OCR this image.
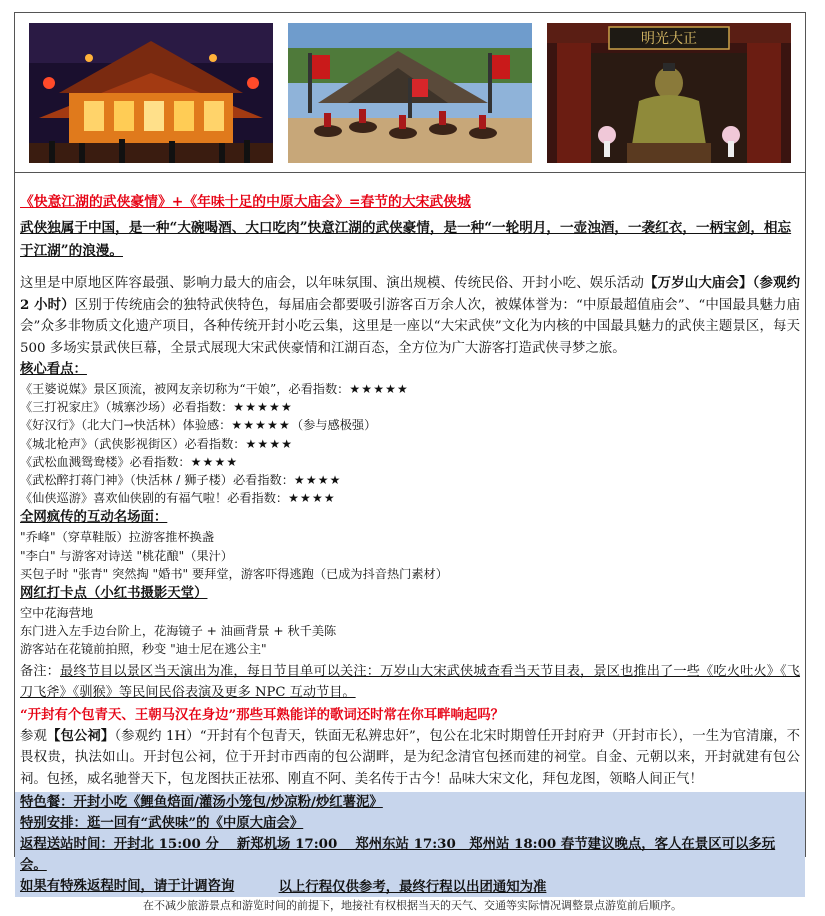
明光大正
《快意江湖的武侠豪情》+《年味十足的中原大庙会》=春节的大宋武侠城
武侠独属于中国，是一种“大碗喝酒、大口吃肉”快意江湖的武侠豪情，是一种“一轮明月，一壶浊酒，一袭红衣，一柄宝剑，相忘于江湖”的浪漫。
这里是中原地区阵容最强、影响力最大的庙会，以年味氛围、演出规模、传统民俗、开封小吃、娱乐活动【万岁山大庙会】（参观约 2 小时）区别于传统庙会的独特武侠特色，每届庙会都要吸引游客百万余人次，被媒体誉为：“中原最超值庙会”、“中国最具魅力庙会”众多非物质文化遗产项目，各种传统开封小吃云集，这里是一座以“大宋武侠”文化为内核的中国最具魅力的武侠主题景区，每天 500 多场实景武侠巨幕，全景式展现大宋武侠豪情和江湖百态，全方位为广大游客打造武侠寻梦之旅。
核心看点：
《王婆说媒》景区顶流，被网友亲切称为“干娘”，必看指数：★★★★★
《三打祝家庄》（城寨沙场）必看指数：★★★★★
《好汉行》（北大门→快活林）体验感：★★★★★（参与感极强）
《城北枪声》（武侠影视街区）必看指数：★★★★
《武松血溅鸳鸯楼》必看指数：★★★★
《武松醉打蒋门神》（快活林 / 狮子楼）必看指数：★★★★
《仙侠巡游》喜欢仙侠剧的有福气啦！必看指数：★★★★
全网疯传的互动名场面：
"乔峰"（穿草鞋版）拉游客推杯换盏
"李白" 与游客对诗送 "桃花酿"（果汁）
买包子时 "张青" 突然掏 "婚书" 要拜堂，游客吓得逃跑（已成为抖音热门素材）
网红打卡点（小红书摄影天堂）
空中花海营地
东门进入左手边台阶上，花海镜子 + 油画背景 + 秋千美陈
游客站在花镜前拍照，秒变 "迪士尼在逃公主"
备注：最终节目以景区当天演出为准，每日节目单可以关注：万岁山大宋武侠城查看当天节目表，景区也推出了一些《吃火吐火》《飞刀飞斧》《驯猴》等民间民俗表演及更多 NPC 互动节目。
“开封有个包青天、王朝马汉在身边”那些耳熟能详的歌词还时常在你耳畔响起吗？
参观【包公祠】（参观约 1H）“开封有个包青天，铁面无私辨忠奸”，包公在北宋时期曾任开封府尹（开封市长），一生为官清廉，不畏权贵，执法如山。开封包公祠，位于开封市西南的包公湖畔，是为纪念清官包拯而建的祠堂。自金、元朝以来，开封就建有包公祠。包拯，威名驰誉天下，包龙图扶正祛邪、刚直不阿、美名传于古今！品味大宋文化，拜包龙图，领略人间正气！
特色餐：开封小吃《鲤鱼焙面/灌汤小笼包/炒凉粉/炒红薯泥》
特别安排：逛一回有“武侠味”的《中原大庙会》
返程送站时间：开封北 15:00 分　 新郑机场 17:00　 郑州东站 17:30　郑州站 18:00 春节建议晚点，客人在景区可以多玩会。
如果有特殊返程时间，请于计调咨询	以上行程仅供参考，最终行程以出团通知为准
在不减少旅游景点和游览时间的前提下，地接社有权根据当天的天气、交通等实际情况调整景点游览前后顺序。
